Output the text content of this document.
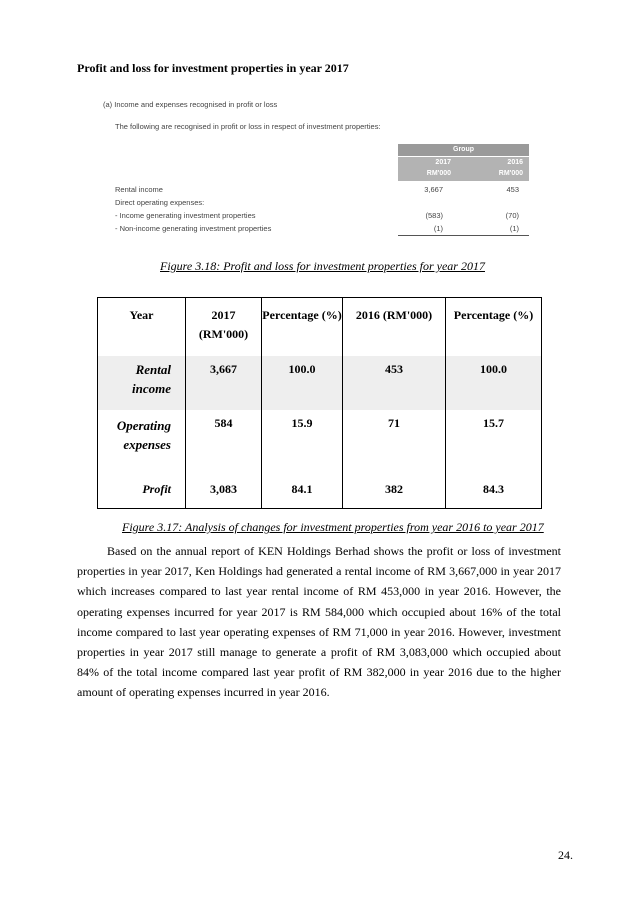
Profit and loss for investment properties in year 2017
(a) Income and expenses recognised in profit or loss
The following are recognised in profit or loss in respect of investment properties:
Group
2017	2016
RM'000	RM'000
Rental income	3,667	453
Direct operating expenses:
- Income generating investment properties	(583)	(70)
- Non-income generating investment properties	(1)	(1)
Figure 3.18: Profit and loss for investment properties for year 2017
Year	2017 (RM'000)	Percentage (%)	2016 (RM'000)	Percentage (%)
Rental income	3,667	100.0	453	100.0
Operating expenses	584	15.9	71	15.7
Profit	3,083	84.1	382	84.3
Figure 3.17: Analysis of changes for investment properties from year 2016 to year 2017
Based on the annual report of KEN Holdings Berhad shows the profit or loss of investment properties in year 2017, Ken Holdings had generated a rental income of RM 3,667,000 in year 2017 which increases compared to last year rental income of RM 453,000 in year 2016. However, the operating expenses incurred for year 2017 is RM 584,000 which occupied about 16% of the total income compared to last year operating expenses of RM 71,000 in year 2016. However, investment properties in year 2017 still manage to generate a profit of RM 3,083,000 which occupied about 84% of the total income compared last year profit of RM 382,000 in year 2016 due to the higher amount of operating expenses incurred in year 2016.
24.
